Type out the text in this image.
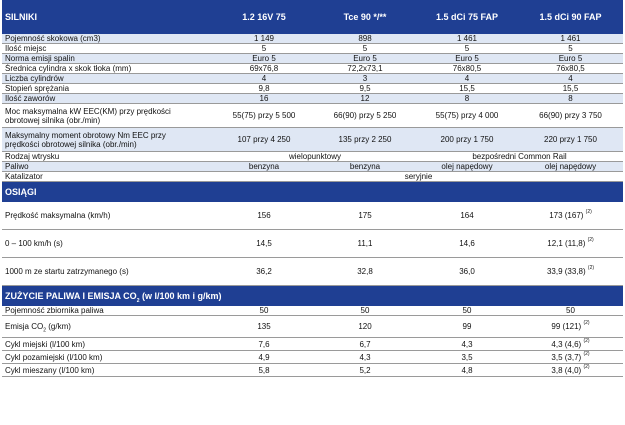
SILNIKI	1.2 16V 75	Tce 90 */**	1.5 dCi 75 FAP	1.5 dCi 90 FAP
Pojemność skokowa (cm3)	1 149	898	1 461	1 461
Ilość miejsc	5	5	5	5
Norma emisji spalin	Euro 5	Euro 5	Euro 5	Euro 5
Średnica cylindra x skok tłoka (mm)	69x76,8	72,2x73,1	76x80,5	76x80,5
Liczba cylindrów	4	3	4	4
Stopień sprężania	9,8	9,5	15,5	15,5
Ilość zaworów	16	12	8	8
Moc maksymalna kW EEC(KM) przy prędkości
obrotowej silnika (obr./min)	55(75) przy 5 500	66(90) przy 5 250	55(75) przy 4 000	66(90) przy 3 750
Maksymalny moment obrotowy Nm EEC przy
prędkości obrotowej silnika (obr./min)	107 przy 4 250	135 przy 2 250	200 przy 1 750	220 przy 1 750
Rodzaj wtrysku	wielopunktowy		bezpośredni Common Rail	
Paliwo	benzyna	benzyna	olej napędowy	olej napędowy
Katalizator	seryjnie			
OSIĄGI				
Prędkość maksymalna (km/h)	156	175	164	173 (167) $^{(2)}$
0 – 100 km/h (s)	14,5	11,1	14,6	12,1 (11,8) $^{(2)}$
1000 m ze startu zatrzymanego (s)	36,2	32,8	36,0	33,9 (33,8) $^{(2)}$
ZUŻYCIE PALIWA I EMISJA $CO_2$ (w l/100 km i g/km)				
Pojemność zbiornika paliwa	50	50	50	50
Emisja $CO_2$ (g/km)	135	120	99	99 (121) $^{(2)}$
Cykl miejski (l/100 km)	7,6	6,7	4,3	4,3 (4,6) $^{(2)}$
Cykl pozamiejski (l/100 km)	4,9	4,3	3,5	3,5 (3,7) $^{(2)}$
Cykl mieszany (l/100 km)	5,8	5,2	4,8	3,8 (4,0) $^{(2)}$
